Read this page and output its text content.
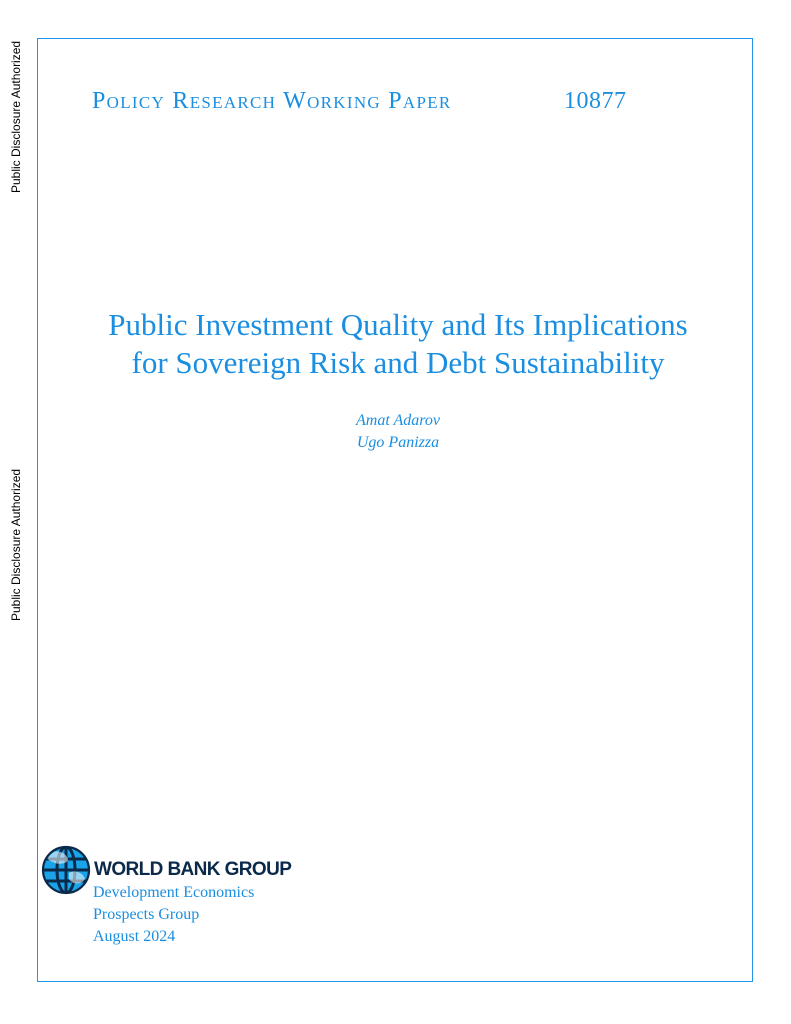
Public Disclosure Authorized
Public Disclosure Authorized
Policy Research Working Paper	10877
Public Investment Quality and Its Implications
for Sovereign Risk and Debt Sustainability
Amat Adarov
Ugo Panizza
WORLD BANK GROUP
Development Economics
Prospects Group
August 2024
